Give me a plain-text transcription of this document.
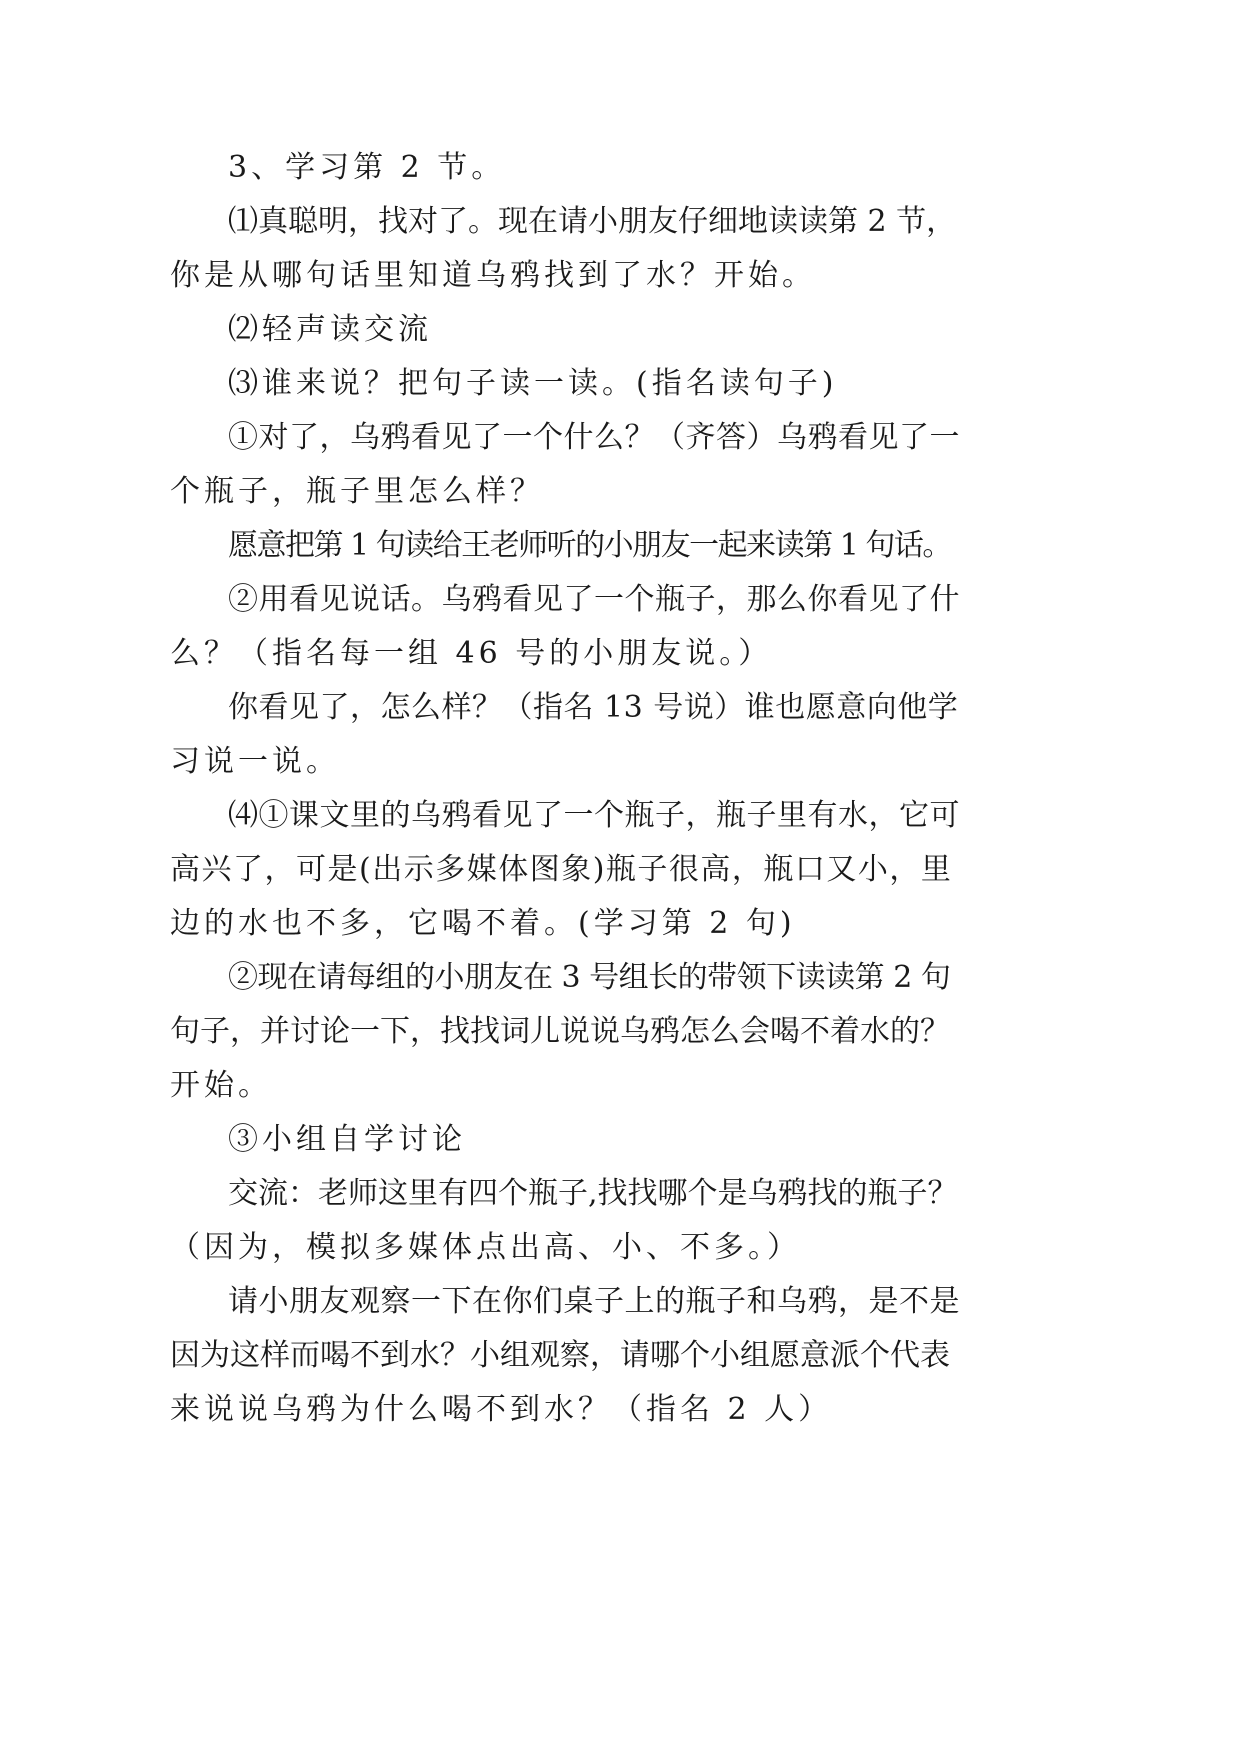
3、学习第 2 节。
⑴真聪明，找对了。现在请小朋友仔细地读读第 2 节，
你是从哪句话里知道乌鸦找到了水？开始。
⑵轻声读交流
⑶谁来说？把句子读一读。(指名读句子)
①对了，乌鸦看见了一个什么？（齐答）乌鸦看见了一
个瓶子，瓶子里怎么样？
愿意把第 1 句读给王老师听的小朋友一起来读第 1 句话。
②用看见说话。乌鸦看见了一个瓶子，那么你看见了什
么？（指名每一组 46 号的小朋友说。）
你看见了，怎么样？（指名 13 号说）谁也愿意向他学
习说一说。
⑷①课文里的乌鸦看见了一个瓶子，瓶子里有水，它可
高兴了，可是(出示多媒体图象)瓶子很高，瓶口又小，里
边的水也不多，它喝不着。(学习第 2 句)
②现在请每组的小朋友在 3 号组长的带领下读读第 2 句
句子，并讨论一下，找找词儿说说乌鸦怎么会喝不着水的？
开始。
③小组自学讨论
交流：老师这里有四个瓶子,找找哪个是乌鸦找的瓶子？
（因为，模拟多媒体点出高、小、不多。）
请小朋友观察一下在你们桌子上的瓶子和乌鸦，是不是
因为这样而喝不到水？小组观察，请哪个小组愿意派个代表
来说说乌鸦为什么喝不到水？（指名 2 人）
